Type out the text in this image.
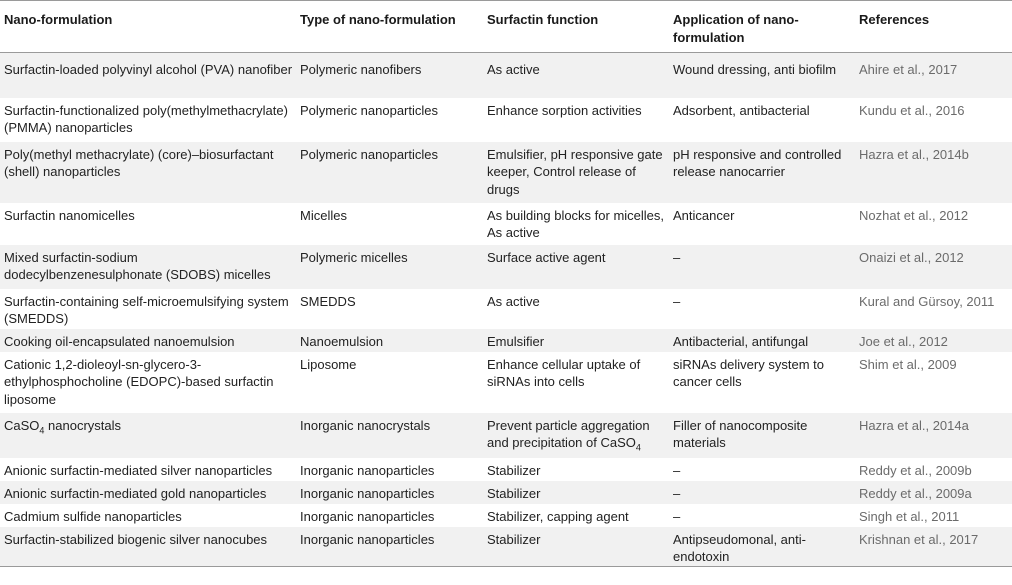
Nano-formulation	Type of nano-formulation	Surfactin function	Application of nano-formulation	References
Surfactin-loaded polyvinyl alcohol (PVA) nanofiber	Polymeric nanofibers	As active	Wound dressing, anti biofilm	Ahire et al., 2017
Surfactin-functionalized poly(methylmethacrylate) (PMMA) nanoparticles	Polymeric nanoparticles	Enhance sorption activities	Adsorbent, antibacterial	Kundu et al., 2016
Poly(methyl methacrylate) (core)–biosurfactant (shell) nanoparticles	Polymeric nanoparticles	Emulsifier, pH responsive gate keeper, Control release of drugs	pH responsive and controlled release nanocarrier	Hazra et al., 2014b
Surfactin nanomicelles	Micelles	As building blocks for micelles, As active	Anticancer	Nozhat et al., 2012
Mixed surfactin-sodium dodecylbenzenesulphonate (SDOBS) micelles	Polymeric micelles	Surface active agent	–	Onaizi et al., 2012
Surfactin-containing self-microemulsifying system (SMEDDS)	SMEDDS	As active	–	Kural and Gürsoy, 2011
Cooking oil-encapsulated nanoemulsion	Nanoemulsion	Emulsifier	Antibacterial, antifungal	Joe et al., 2012
Cationic 1,2-dioleoyl-sn-glycero-3-ethylphosphocholine (EDOPC)-based surfactin liposome	Liposome	Enhance cellular uptake of siRNAs into cells	siRNAs delivery system to cancer cells	Shim et al., 2009
CaSO$_4$ nanocrystals	Inorganic nanocrystals	Prevent particle aggregation and precipitation of CaSO$_4$	Filler of nanocomposite materials	Hazra et al., 2014a
Anionic surfactin-mediated silver nanoparticles	Inorganic nanoparticles	Stabilizer	–	Reddy et al., 2009b
Anionic surfactin-mediated gold nanoparticles	Inorganic nanoparticles	Stabilizer	–	Reddy et al., 2009a
Cadmium sulfide nanoparticles	Inorganic nanoparticles	Stabilizer, capping agent	–	Singh et al., 2011
Surfactin-stabilized biogenic silver nanocubes	Inorganic nanoparticles	Stabilizer	Antipseudomonal, anti-endotoxin	Krishnan et al., 2017
